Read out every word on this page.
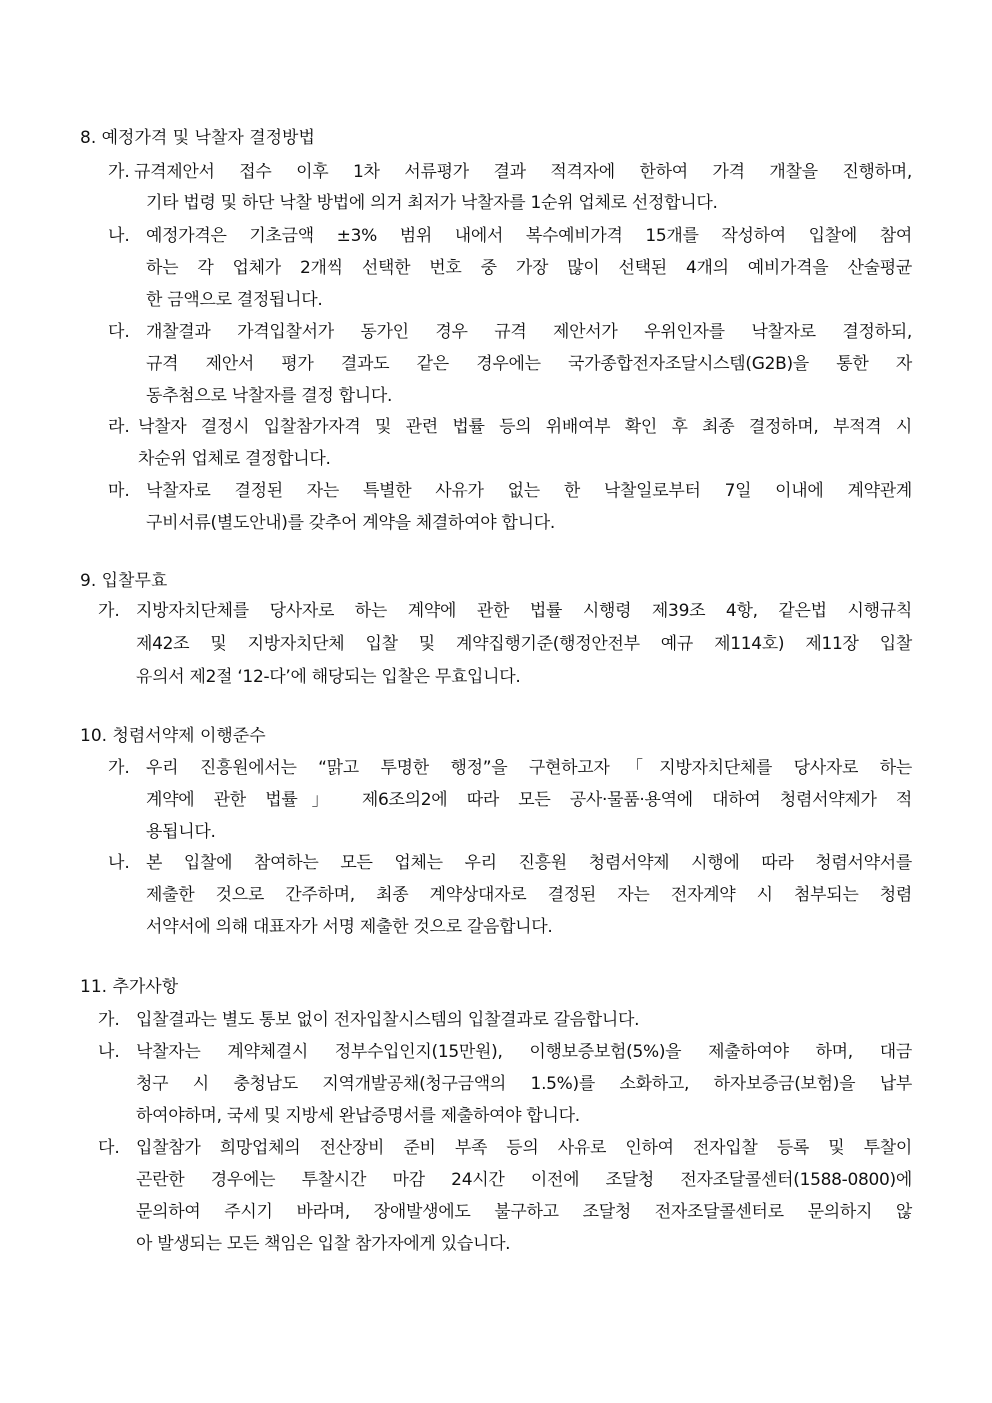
8. 예정가격 및 낙찰자 결정방법
가. 규격제안서 접수 이후 1차 서류평가 결과 적격자에 한하여 가격 개찰을 진행하며,
기타 법령 및 하단 낙찰 방법에 의거 최저가 낙찰자를 1순위 업체로 선정합니다.
나. 예정가격은 기초금액 ±3% 범위 내에서 복수예비가격 15개를 작성하여 입찰에 참여
하는 각 업체가 2개씩 선택한 번호 중 가장 많이 선택된 4개의 예비가격을 산술평균
한 금액으로 결정됩니다.
다. 개찰결과 가격입찰서가 동가인 경우 규격 제안서가 우위인자를 낙찰자로 결정하되,
규격 제안서 평가 결과도 같은 경우에는 국가종합전자조달시스템(G2B)을 통한 자
동추첨으로 낙찰자를 결정 합니다.
라. 낙찰자 결정시 입찰참가자격 및 관련 법률 등의 위배여부 확인 후 최종 결정하며, 부적격 시
차순위 업체로 결정합니다.
마. 낙찰자로 결정된 자는 특별한 사유가 없는 한 낙찰일로부터 7일 이내에 계약관계
구비서류(별도안내)를 갖추어 계약을 체결하여야 합니다.
9. 입찰무효
가. 지방자치단체를 당사자로 하는 계약에 관한 법률 시행령 제39조 4항, 같은법 시행규칙
제42조 및 지방자치단체 입찰 및 계약집행기준(행정안전부 예규 제114호) 제11장 입찰
유의서 제2절 ‘12-다’에 해당되는 입찰은 무효입니다.
10. 청렴서약제 이행준수
가. 우리 진흥원에서는 “맑고 투명한 행정”을 구현하고자「지방자치단체를 당사자로 하는
계약에 관한 법률」 제6조의2에 따라 모든 공사·물품·용역에 대하여 청렴서약제가 적
용됩니다.
나. 본 입찰에 참여하는 모든 업체는 우리 진흥원 청렴서약제 시행에 따라 청렴서약서를
제출한 것으로 간주하며, 최종 계약상대자로 결정된 자는 전자계약 시 첨부되는 청렴
서약서에 의해 대표자가 서명 제출한 것으로 갈음합니다.
11. 추가사항
가. 입찰결과는 별도 통보 없이 전자입찰시스템의 입찰결과로 갈음합니다.
나. 낙찰자는 계약체결시 정부수입인지(15만원), 이행보증보험(5%)을 제출하여야 하며, 대금
청구 시 충청남도 지역개발공채(청구금액의 1.5%)를 소화하고, 하자보증금(보험)을 납부
하여야하며, 국세 및 지방세 완납증명서를 제출하여야 합니다.
다. 입찰참가 희망업체의 전산장비 준비 부족 등의 사유로 인하여 전자입찰 등록 및 투찰이
곤란한 경우에는 투찰시간 마감 24시간 이전에 조달청 전자조달콜센터(1588-0800)에
문의하여 주시기 바라며, 장애발생에도 불구하고 조달청 전자조달콜센터로 문의하지 않
아 발생되는 모든 책임은 입찰 참가자에게 있습니다.
